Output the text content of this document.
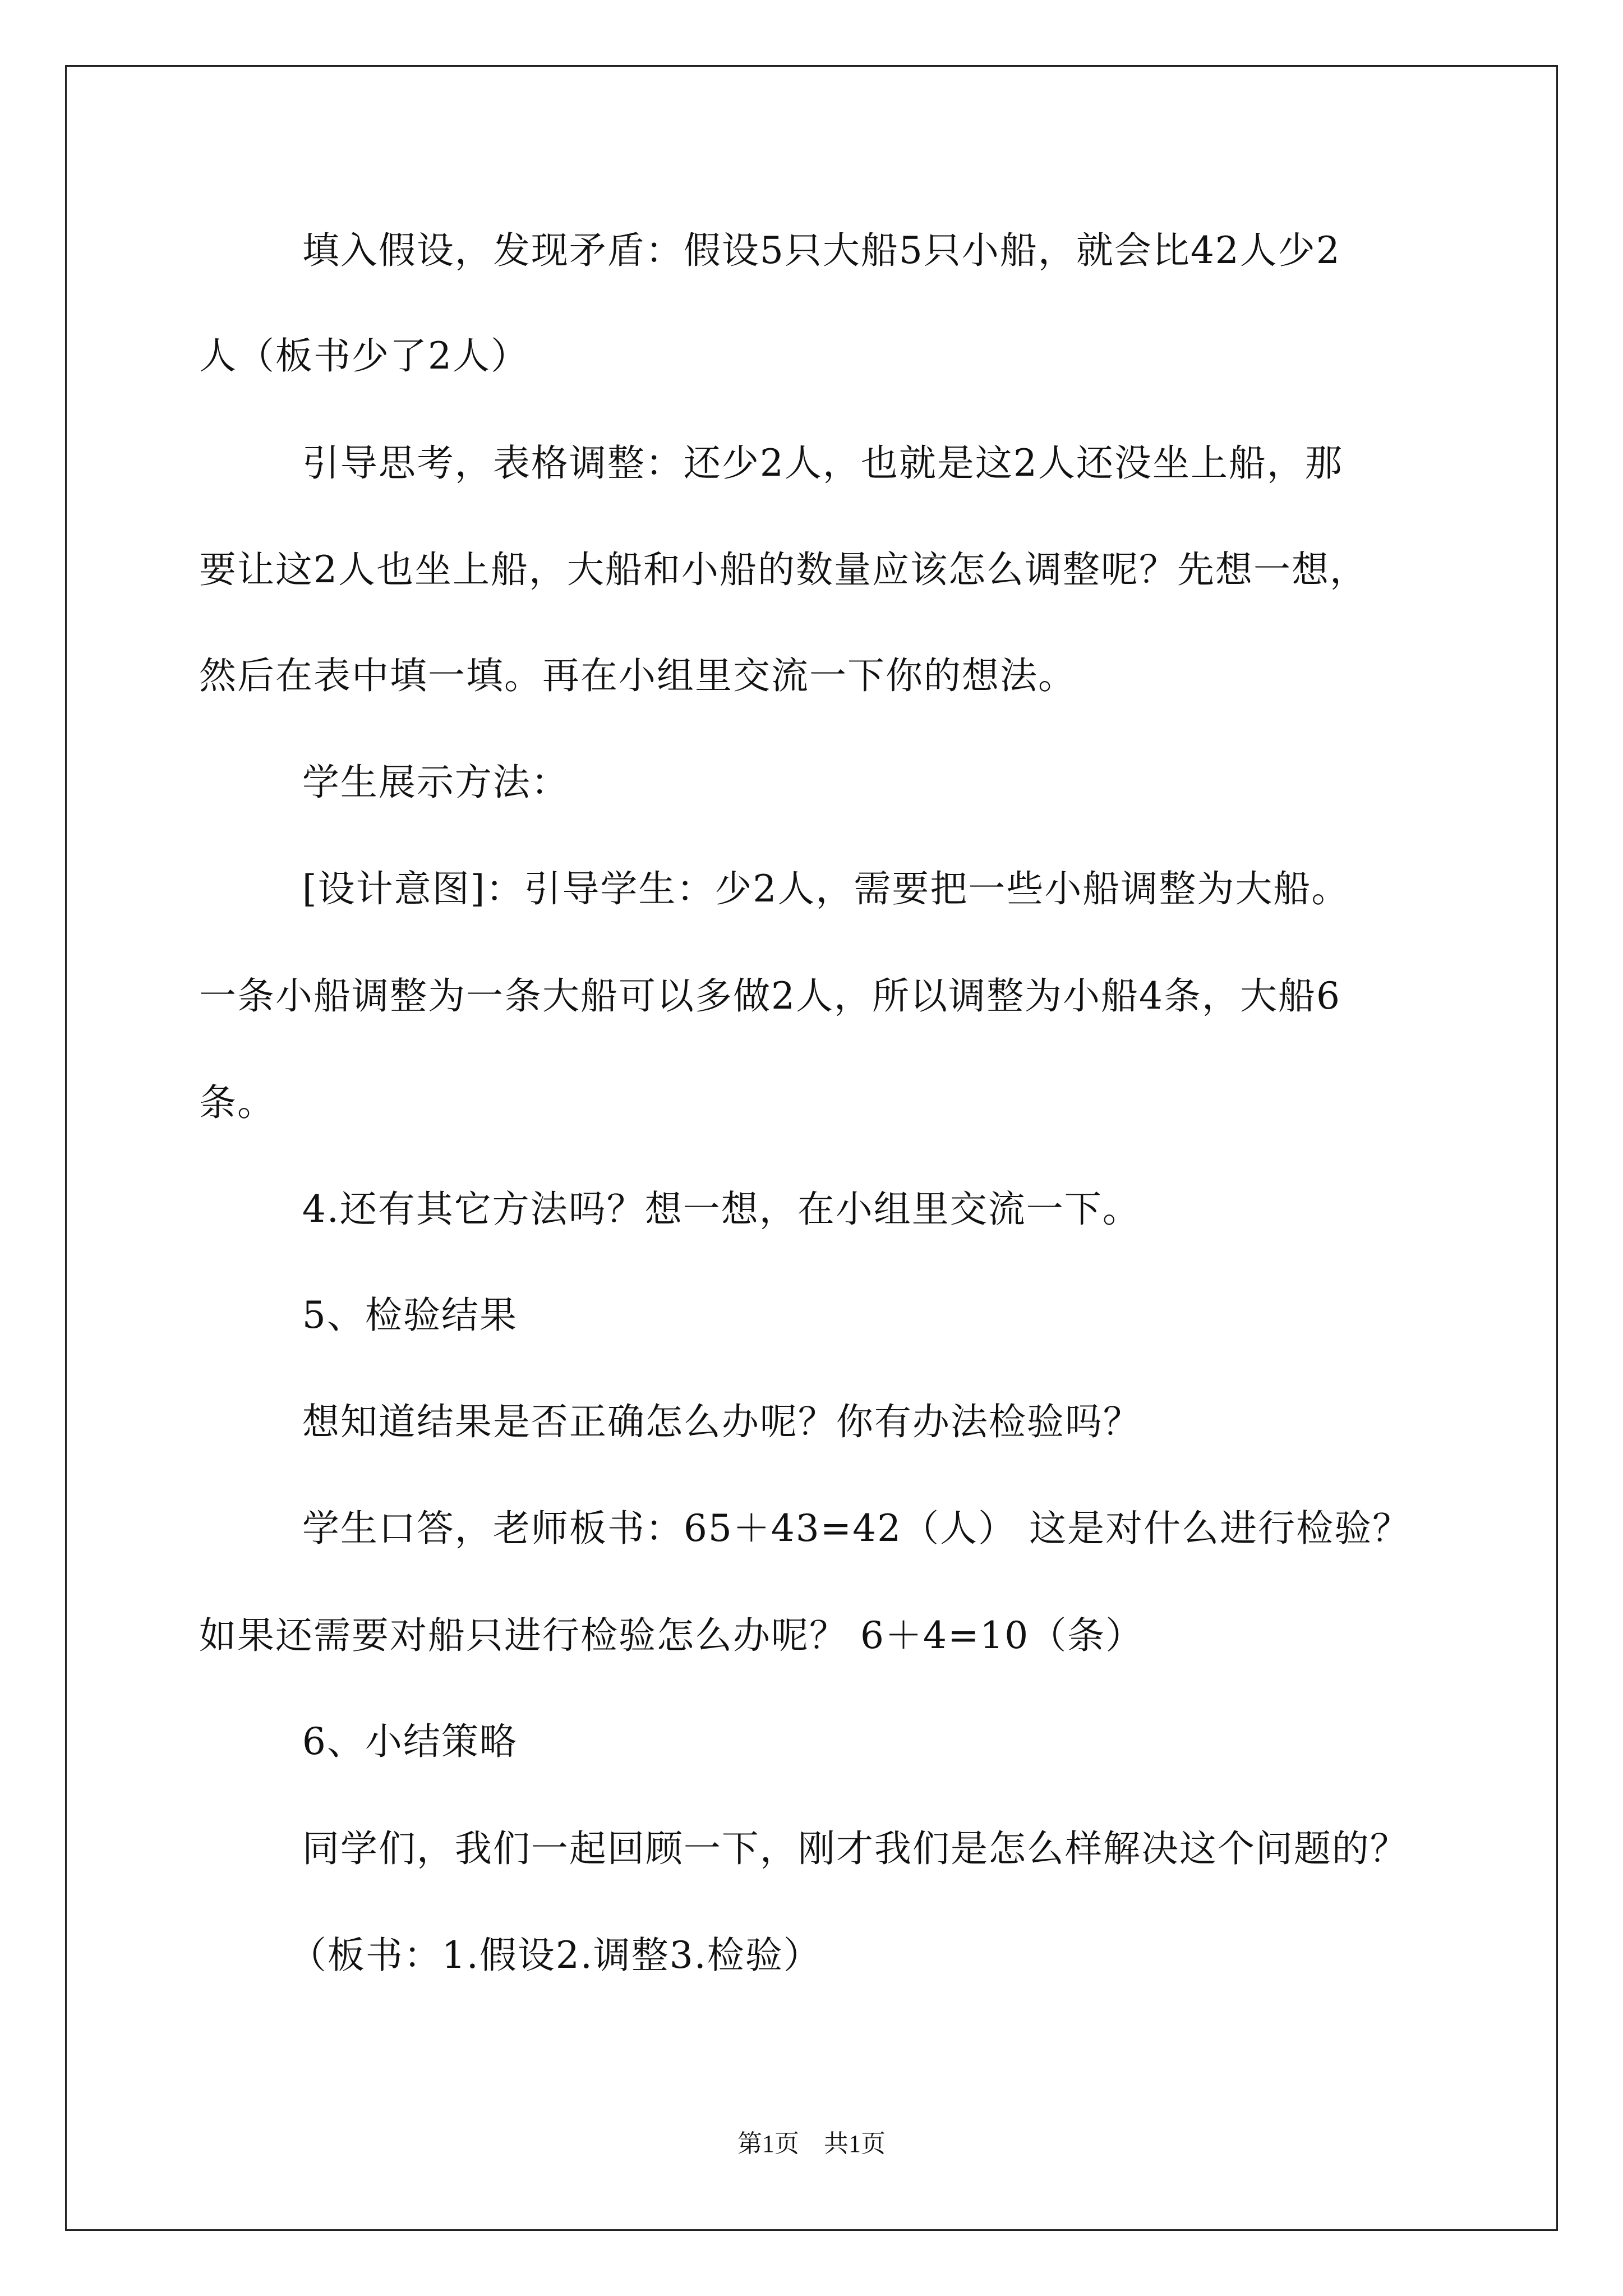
填入假设，发现矛盾：假设5只大船5只小船，就会比42人少2
人（板书少了2人）
引导思考，表格调整：还少2人，也就是这2人还没坐上船，那
要让这2人也坐上船，大船和小船的数量应该怎么调整呢？先想一想，
然后在表中填一填。再在小组里交流一下你的想法。
学生展示方法：
[设计意图]：引导学生：少2人，需要把一些小船调整为大船。
一条小船调整为一条大船可以多做2人，所以调整为小船4条，大船6
条。
4.还有其它方法吗？想一想，在小组里交流一下。
5、检验结果
想知道结果是否正确怎么办呢？你有办法检验吗？
学生口答，老师板书：65＋43=42（人） 这是对什么进行检验？
如果还需要对船只进行检验怎么办呢？ 6＋4=10（条）
6、小结策略
同学们，我们一起回顾一下，刚才我们是怎么样解决这个问题的？
（板书：1.假设2.调整3.检验）
第1页　共1页
